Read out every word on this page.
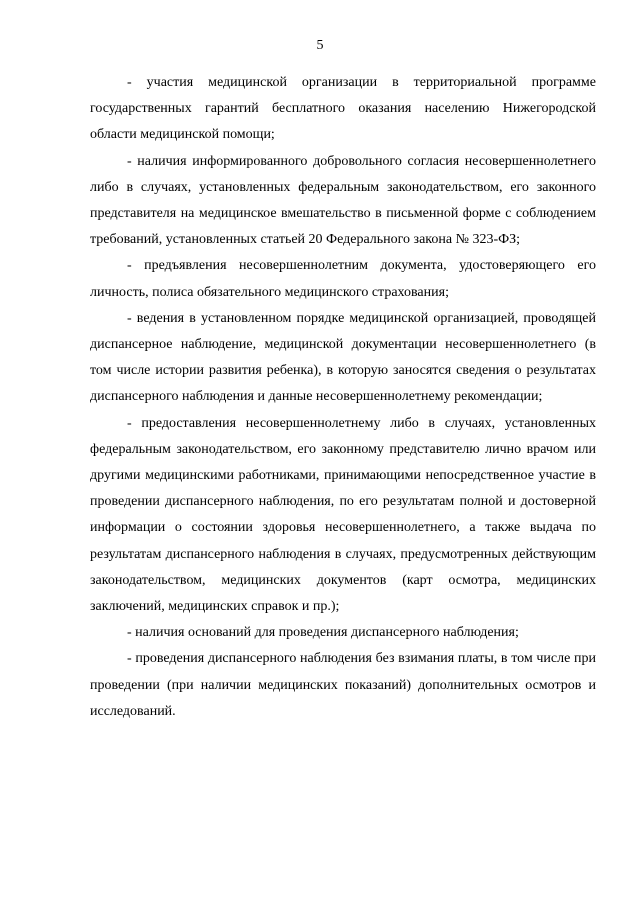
5

- участия медицинской организации в территориальной программе государственных гарантий бесплатного оказания населению Нижегородской области медицинской помощи;

- наличия информированного добровольного согласия несовершеннолетнего либо в случаях, установленных федеральным законодательством, его законного представителя на медицинское вмешательство в письменной форме с соблюдением требований, установленных статьей 20 Федерального закона № 323-ФЗ;

- предъявления несовершеннолетним документа, удостоверяющего его личность, полиса обязательного медицинского страхования;

- ведения в установленном порядке медицинской организацией, проводящей диспансерное наблюдение, медицинской документации несовершеннолетнего (в том числе истории развития ребенка), в которую заносятся сведения о результатах диспансерного наблюдения и данные несовершеннолетнему рекомендации;

- предоставления несовершеннолетнему либо в случаях, установленных федеральным законодательством, его законному представителю лично врачом или другими медицинскими работниками, принимающими непосредственное участие в проведении диспансерного наблюдения, по его результатам полной и достоверной информации о состоянии здоровья несовершеннолетнего, а также выдача по результатам диспансерного наблюдения в случаях, предусмотренных действующим законодательством, медицинских документов (карт осмотра, медицинских заключений, медицинских справок и пр.);

- наличия оснований для проведения диспансерного наблюдения;

- проведения диспансерного наблюдения без взимания платы, в том числе при проведении (при наличии медицинских показаний) дополнительных осмотров и исследований.
